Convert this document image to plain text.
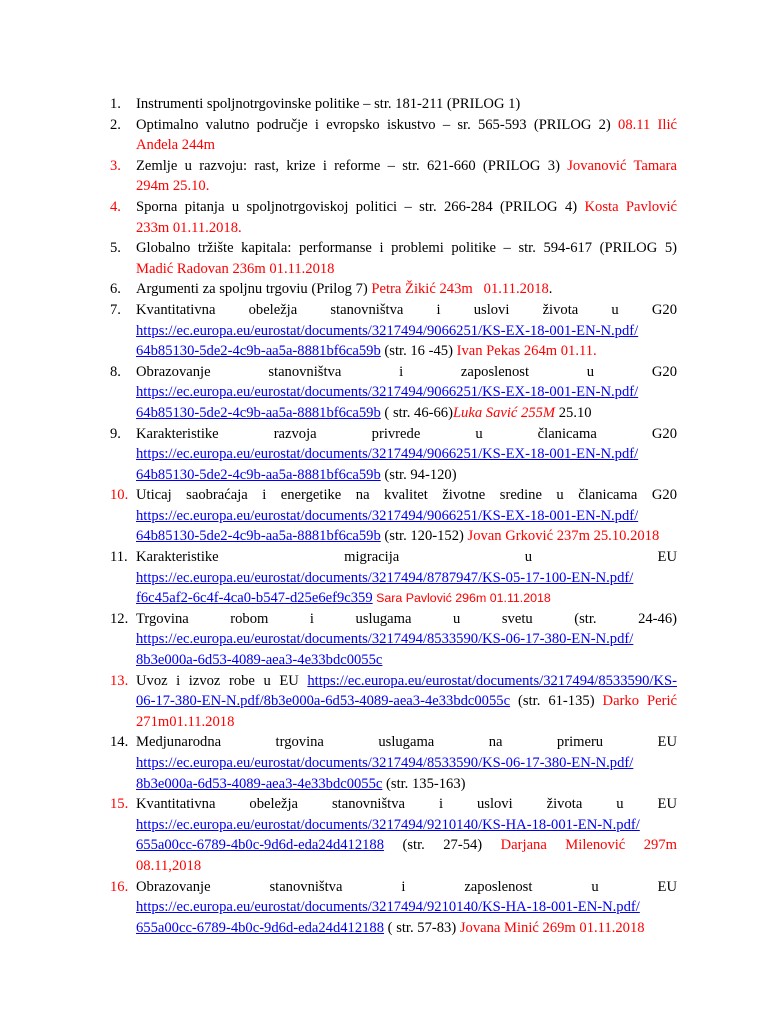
1. Instrumenti spoljnotrgovinske politike – str. 181-211 (PRILOG 1)
2. Optimalno valutno područje i evropsko iskustvo – sr. 565-593 (PRILOG 2) 08.11 Ilić
Anđela 244m
3. Zemlje u razvoju: rast, krize i reforme – str. 621-660 (PRILOG 3) Jovanović Tamara
294m 25.10.
4. Sporna pitanja u spoljnotrgoviskoj politici – str. 266-284 (PRILOG 4) Kosta Pavlović
233m 01.11.2018.
5. Globalno tržište kapitala: performanse i problemi politike – str. 594-617 (PRILOG 5)
Madić Radovan 236m 01.11.2018
6. Argumenti za spoljnu trgoviu (Prilog 7) Petra Žikić 243m   01.11.2018.
7. Kvantitativna obeležja stanovništva i uslovi života u G20
https://ec.europa.eu/eurostat/documents/3217494/9066251/KS-EX-18-001-EN-N.pdf/
64b85130-5de2-4c9b-aa5a-8881bf6ca59b (str. 16 -45) Ivan Pekas 264m 01.11.
8. Obrazovanje stanovništva i zaposlenost u G20
https://ec.europa.eu/eurostat/documents/3217494/9066251/KS-EX-18-001-EN-N.pdf/
64b85130-5de2-4c9b-aa5a-8881bf6ca59b ( str. 46-66)Luka Savić 255M 25.10
9. Karakteristike razvoja privrede u članicama G20
https://ec.europa.eu/eurostat/documents/3217494/9066251/KS-EX-18-001-EN-N.pdf/
64b85130-5de2-4c9b-aa5a-8881bf6ca59b (str. 94-120)
10. Uticaj saobraćaja i energetike na kvalitet životne sredine u članicama G20
https://ec.europa.eu/eurostat/documents/3217494/9066251/KS-EX-18-001-EN-N.pdf/
64b85130-5de2-4c9b-aa5a-8881bf6ca59b (str. 120-152) Jovan Grković 237m 25.10.2018
11. Karakteristike migracija u EU
https://ec.europa.eu/eurostat/documents/3217494/8787947/KS-05-17-100-EN-N.pdf/
f6c45af2-6c4f-4ca0-b547-d25e6ef9c359 Sara Pavlović 296m 01.11.2018
12. Trgovina robom i uslugama u svetu (str. 24-46)
https://ec.europa.eu/eurostat/documents/3217494/8533590/KS-06-17-380-EN-N.pdf/
8b3e000a-6d53-4089-aea3-4e33bdc0055c
13. Uvoz i izvoz robe u EU https://ec.europa.eu/eurostat/documents/3217494/8533590/KS-
06-17-380-EN-N.pdf/8b3e000a-6d53-4089-aea3-4e33bdc0055c (str. 61-135) Darko Perić
271m01.11.2018
14. Medjunarodna trgovina uslugama na primeru EU
https://ec.europa.eu/eurostat/documents/3217494/8533590/KS-06-17-380-EN-N.pdf/
8b3e000a-6d53-4089-aea3-4e33bdc0055c (str. 135-163)
15. Kvantitativna obeležja stanovništva i uslovi života u EU
https://ec.europa.eu/eurostat/documents/3217494/9210140/KS-HA-18-001-EN-N.pdf/
655a00cc-6789-4b0c-9d6d-eda24d412188 (str. 27-54) Darjana Milenović 297m
08.11,2018
16. Obrazovanje stanovništva i zaposlenost u EU
https://ec.europa.eu/eurostat/documents/3217494/9210140/KS-HA-18-001-EN-N.pdf/
655a00cc-6789-4b0c-9d6d-eda24d412188 ( str. 57-83) Jovana Minić 269m 01.11.2018
